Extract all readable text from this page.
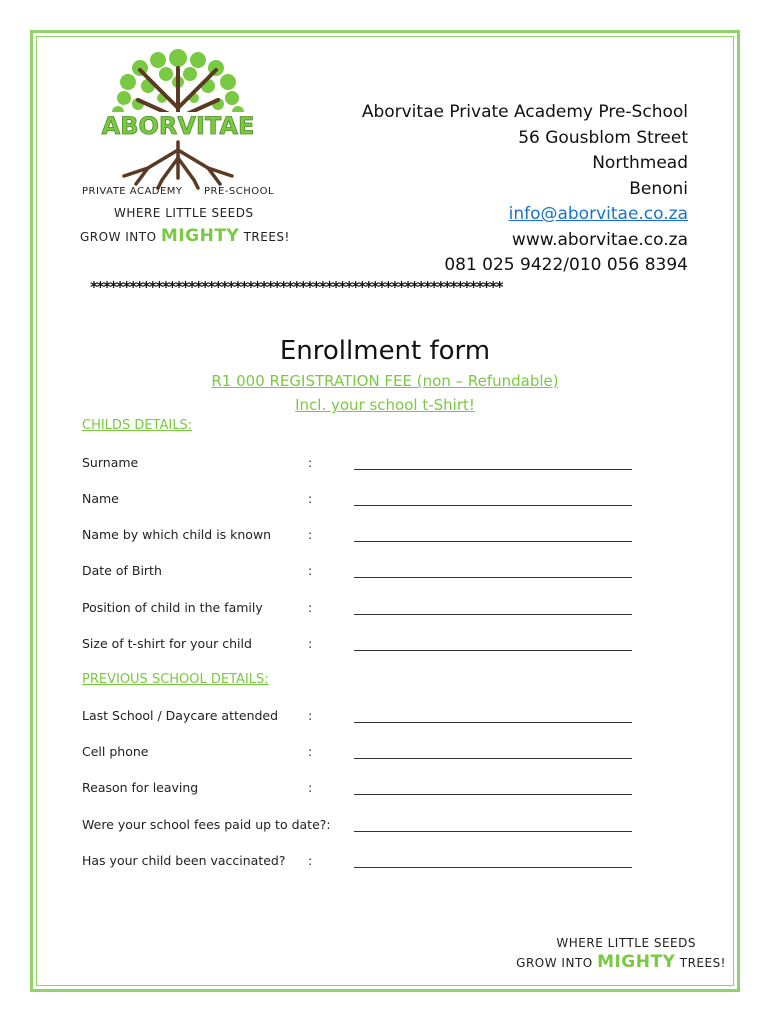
ABORVITAE
PRIVATE ACADEMY PRE-SCHOOL
WHERE LITTLE SEEDS
GROW INTO MIGHTY TREES!
Aborvitae Private Academy Pre-School
56 Gousblom Street
Northmead
Benoni
info@aborvitae.co.za
www.aborvitae.co.za
081 025 9422/010 056 8394
***************************************************************
Enrollment form
R1 000 REGISTRATION FEE (non – Refundable)
Incl. your school t-Shirt!
CHILDS DETAILS:
Surname	:
Name	:
Name by which child is known	:
Date of Birth	:
Position of child in the family	:
Size of t-shirt for your child	:
PREVIOUS SCHOOL DETAILS:
Last School / Daycare attended :
Cell phone	:
Reason for leaving	:
Were your school fees paid up to date?:
Has your child been vaccinated? :
WHERE LITTLE SEEDS
GROW INTO MIGHTY TREES!
